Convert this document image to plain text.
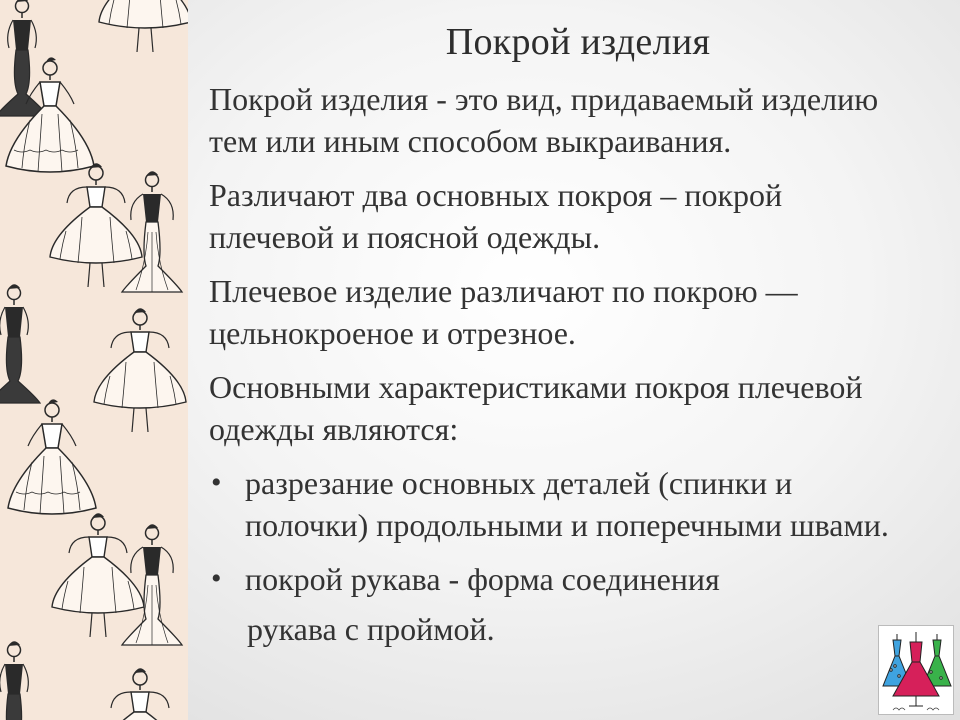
Покрой изделия

Покрой изделия - это вид, придаваемый изделию тем или иным способом выкраивания.

Различают два основных покроя – покрой плечевой и поясной одежды.

Плечевое изделие различают по покрою — цельнокроеное и отрезное.

Основными характеристиками покроя плечевой одежды являются:

• разрезание основных деталей (спинки и полочки) продольными и поперечными швами.
• покрой рукава - форма соединения
рукава с проймой.
